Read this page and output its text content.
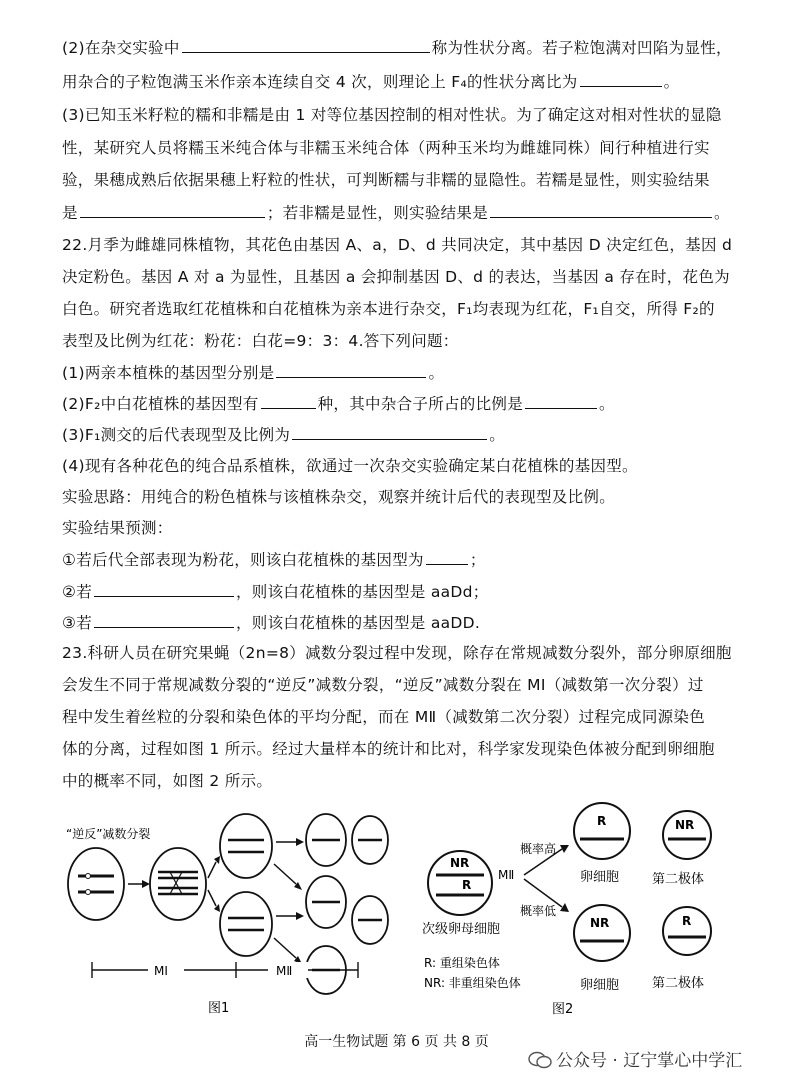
(2)在杂交实验中	称为性状分离。若子粒饱满对凹陷为显性，
用杂合的子粒饱满玉米作亲本连续自交 4 次，则理论上 F₄的性状分离比为	。
(3)已知玉米籽粒的糯和非糯是由 1 对等位基因控制的相对性状。为了确定这对相对性状的显隐
性，某研究人员将糯玉米纯合体与非糯玉米纯合体（两种玉米均为雌雄同株）间行种植进行实
验，果穗成熟后依据果穗上籽粒的性状，可判断糯与非糯的显隐性。若糯是显性，则实验结果
是	；若非糯是显性，则实验结果是	。
22.月季为雌雄同株植物，其花色由基因 A、a，D、d 共同决定，其中基因 D 决定红色，基因 d
决定粉色。基因 A 对 a 为显性，且基因 a 会抑制基因 D、d 的表达，当基因 a 存在时，花色为
白色。研究者选取红花植株和白花植株为亲本进行杂交，F₁均表现为红花，F₁自交，所得 F₂的
表型及比例为红花：粉花：白花=9：3：4.答下列问题：
(1)两亲本植株的基因型分别是	。
(2)F₂中白花植株的基因型有	种，其中杂合子所占的比例是	。
(3)F₁测交的后代表现型及比例为	。
(4)现有各种花色的纯合品系植株，欲通过一次杂交实验确定某白花植株的基因型。
实验思路：用纯合的粉色植株与该植株杂交，观察并统计后代的表现型及比例。
实验结果预测：
①若后代全部表现为粉花，则该白花植株的基因型为	；
②若	，则该白花植株的基因型是 aaDd；
③若	，则该白花植株的基因型是 aaDD.
23.科研人员在研究果蝇（2n=8）减数分裂过程中发现，除存在常规减数分裂外，部分卵原细胞
会发生不同于常规减数分裂的“逆反”减数分裂，“逆反”减数分裂在 MⅠ（减数第一次分裂）过
程中发生着丝粒的分裂和染色体的平均分配，而在 MⅡ（减数第二次分裂）过程完成同源染色
体的分离，过程如图 1 所示。经过大量样本的统计和比对，科学家发现染色体被分配到卵细胞
中的概率不同，如图 2 所示。
“逆反”减数分裂
MⅠ	MⅡ
图1
NR
R
MⅡ
次级卵母细胞
概率高
概率低
R
卵细胞
NR
第二极体
NR
卵细胞
R
第二极体
R: 重组染色体
NR: 非重组染色体
图2
高一生物试题 第 6 页 共 8 页
公众号 · 辽宁掌心中学汇
